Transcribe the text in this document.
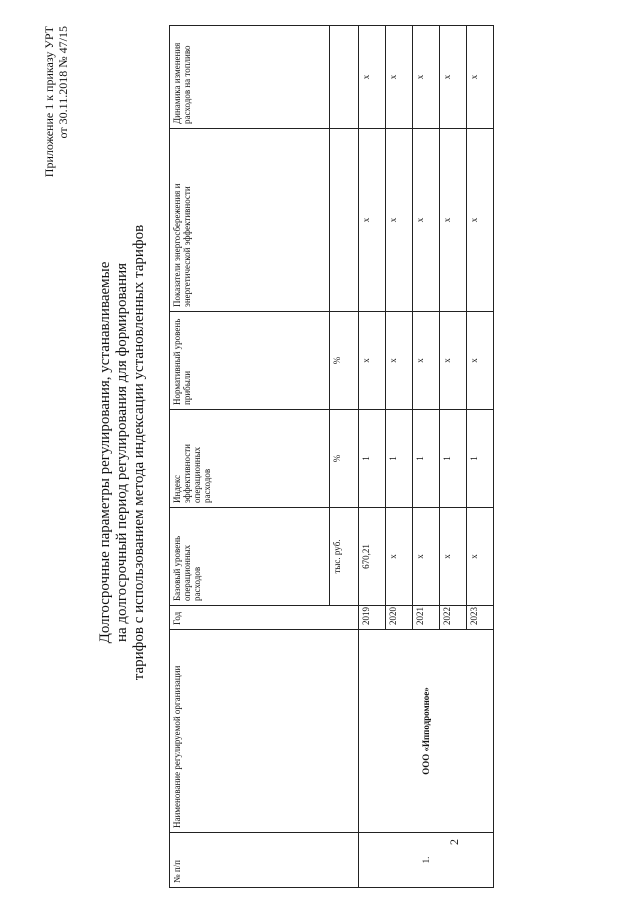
2
Приложение 1 к приказу УРТ от 30.11.2018 № 47/15
Долгосрочные параметры регулирования, устанавливаемые на долгосрочный период регулирования для формирования тарифов с использованием метода индексации установленных тарифов
№ п/п	Наименование регулируемой организации	Год	Базовый уровень операционных расходов	Индекс эффективности операционных расходов	Нормативный уровень прибыли	Показатели энергосбережения и энергетической эффективности	Динамика изменения расходов на топливо
			тыс. руб.	%	%		
1.	ООО «Ипподромное»	2019	670,21	1	x	x	x
		2020	x	1	x	x	x
		2021	x	1	x	x	x
		2022	x	1	x	x	x
		2023	x	1	x	x	x
